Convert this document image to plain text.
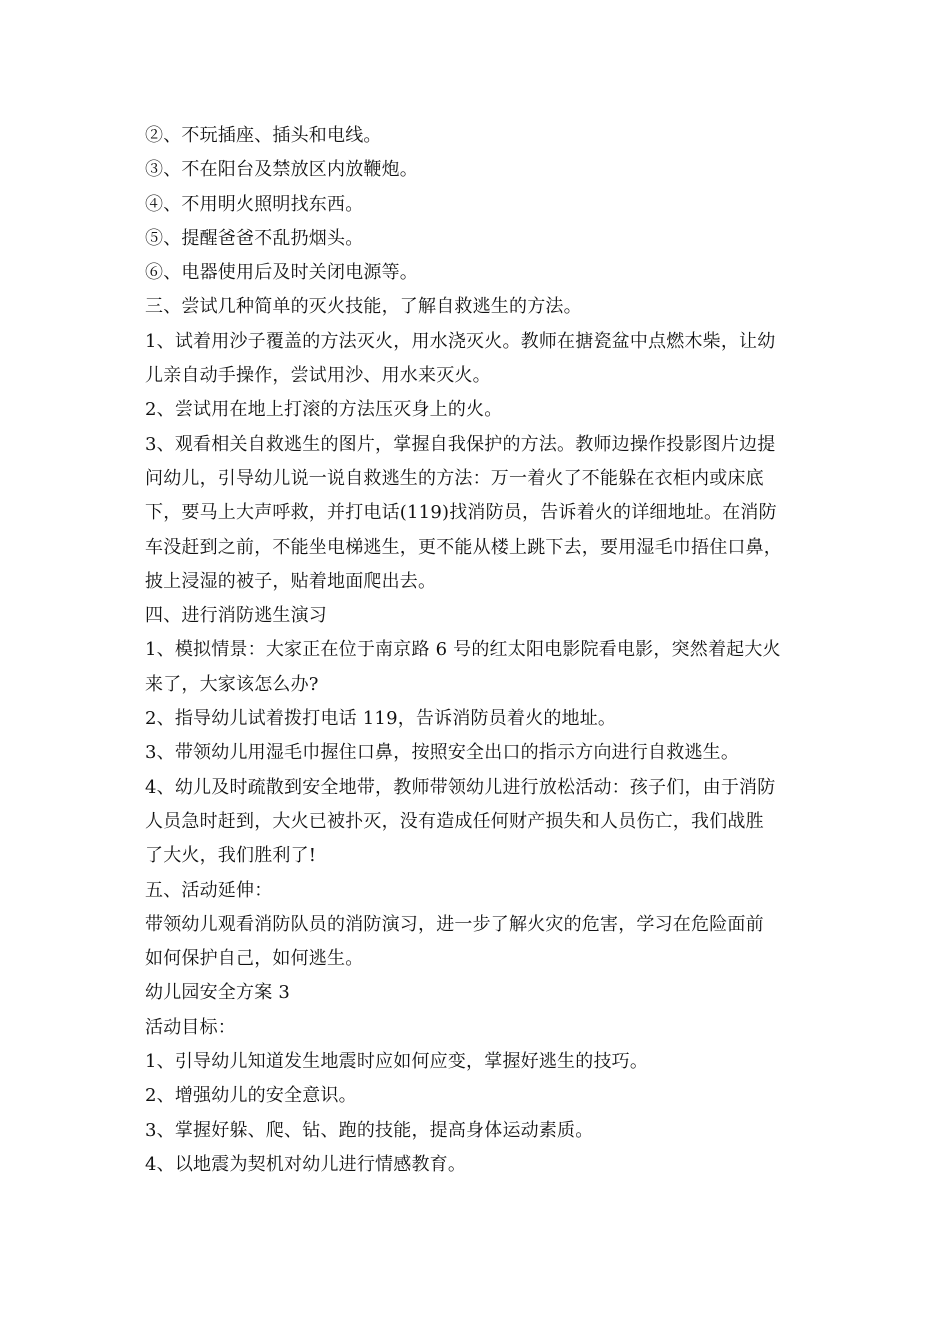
②、不玩插座、插头和电线。
③、不在阳台及禁放区内放鞭炮。
④、不用明火照明找东西。
⑤、提醒爸爸不乱扔烟头。
⑥、电器使用后及时关闭电源等。
三、尝试几种简单的灭火技能，了解自救逃生的方法。
1、试着用沙子覆盖的方法灭火，用水浇灭火。教师在搪瓷盆中点燃木柴，让幼
儿亲自动手操作，尝试用沙、用水来灭火。
2、尝试用在地上打滚的方法压灭身上的火。
3、观看相关自救逃生的图片，掌握自我保护的方法。教师边操作投影图片边提
问幼儿，引导幼儿说一说自救逃生的方法：万一着火了不能躲在衣柜内或床底
下，要马上大声呼救，并打电话(119)找消防员，告诉着火的详细地址。在消防
车没赶到之前，不能坐电梯逃生，更不能从楼上跳下去，要用湿毛巾捂住口鼻，
披上浸湿的被子，贴着地面爬出去。
四、进行消防逃生演习
1、模拟情景：大家正在位于南京路 6 号的红太阳电影院看电影，突然着起大火
来了，大家该怎么办?
2、指导幼儿试着拨打电话 119，告诉消防员着火的地址。
3、带领幼儿用湿毛巾握住口鼻，按照安全出口的指示方向进行自救逃生。
4、幼儿及时疏散到安全地带，教师带领幼儿进行放松活动：孩子们，由于消防
人员急时赶到，大火已被扑灭，没有造成任何财产损失和人员伤亡，我们战胜
了大火，我们胜利了!
五、活动延伸：
带领幼儿观看消防队员的消防演习，进一步了解火灾的危害，学习在危险面前
如何保护自己，如何逃生。
幼儿园安全方案 3
活动目标：
1、引导幼儿知道发生地震时应如何应变，掌握好逃生的技巧。
2、增强幼儿的安全意识。
3、掌握好躲、爬、钻、跑的技能，提高身体运动素质。
4、以地震为契机对幼儿进行情感教育。
